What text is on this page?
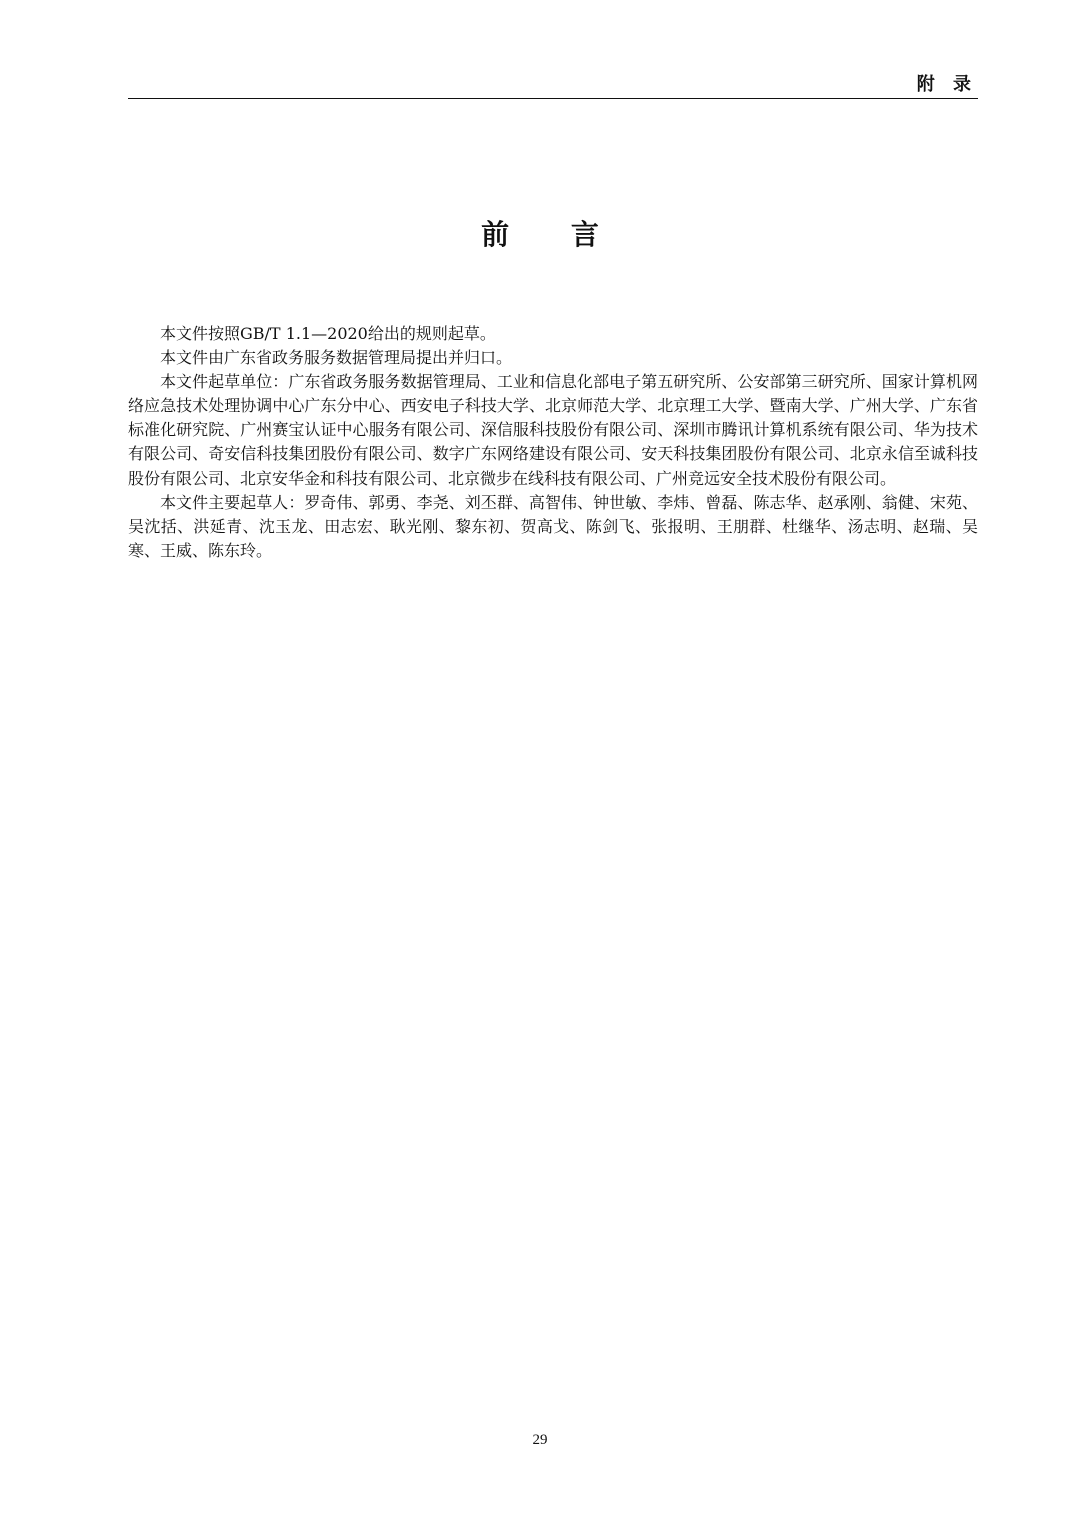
附 录
前 言

本文件按照GB/T 1.1—2020给出的规则起草。

本文件由广东省政务服务数据管理局提出并归口。

本文件起草单位：广东省政务服务数据管理局、工业和信息化部电子第五研究所、公安部第三研究所、国家计算机网络应急技术处理协调中心广东分中心、西安电子科技大学、北京师范大学、北京理工大学、暨南大学、广州大学、广东省标准化研究院、广州赛宝认证中心服务有限公司、深信服科技股份有限公司、深圳市腾讯计算机系统有限公司、华为技术有限公司、奇安信科技集团股份有限公司、数字广东网络建设有限公司、安天科技集团股份有限公司、北京永信至诚科技股份有限公司、北京安华金和科技有限公司、北京微步在线科技有限公司、广州竞远安全技术股份有限公司。

本文件主要起草人：罗奇伟、郭勇、李尧、刘丕群、高智伟、钟世敏、李炜、曾磊、陈志华、赵承刚、翁健、宋苑、吴沈括、洪延青、沈玉龙、田志宏、耿光刚、黎东初、贺高戈、陈剑飞、张报明、王朋群、杜继华、汤志明、赵瑞、吴寒、王威、陈东玲。

29
